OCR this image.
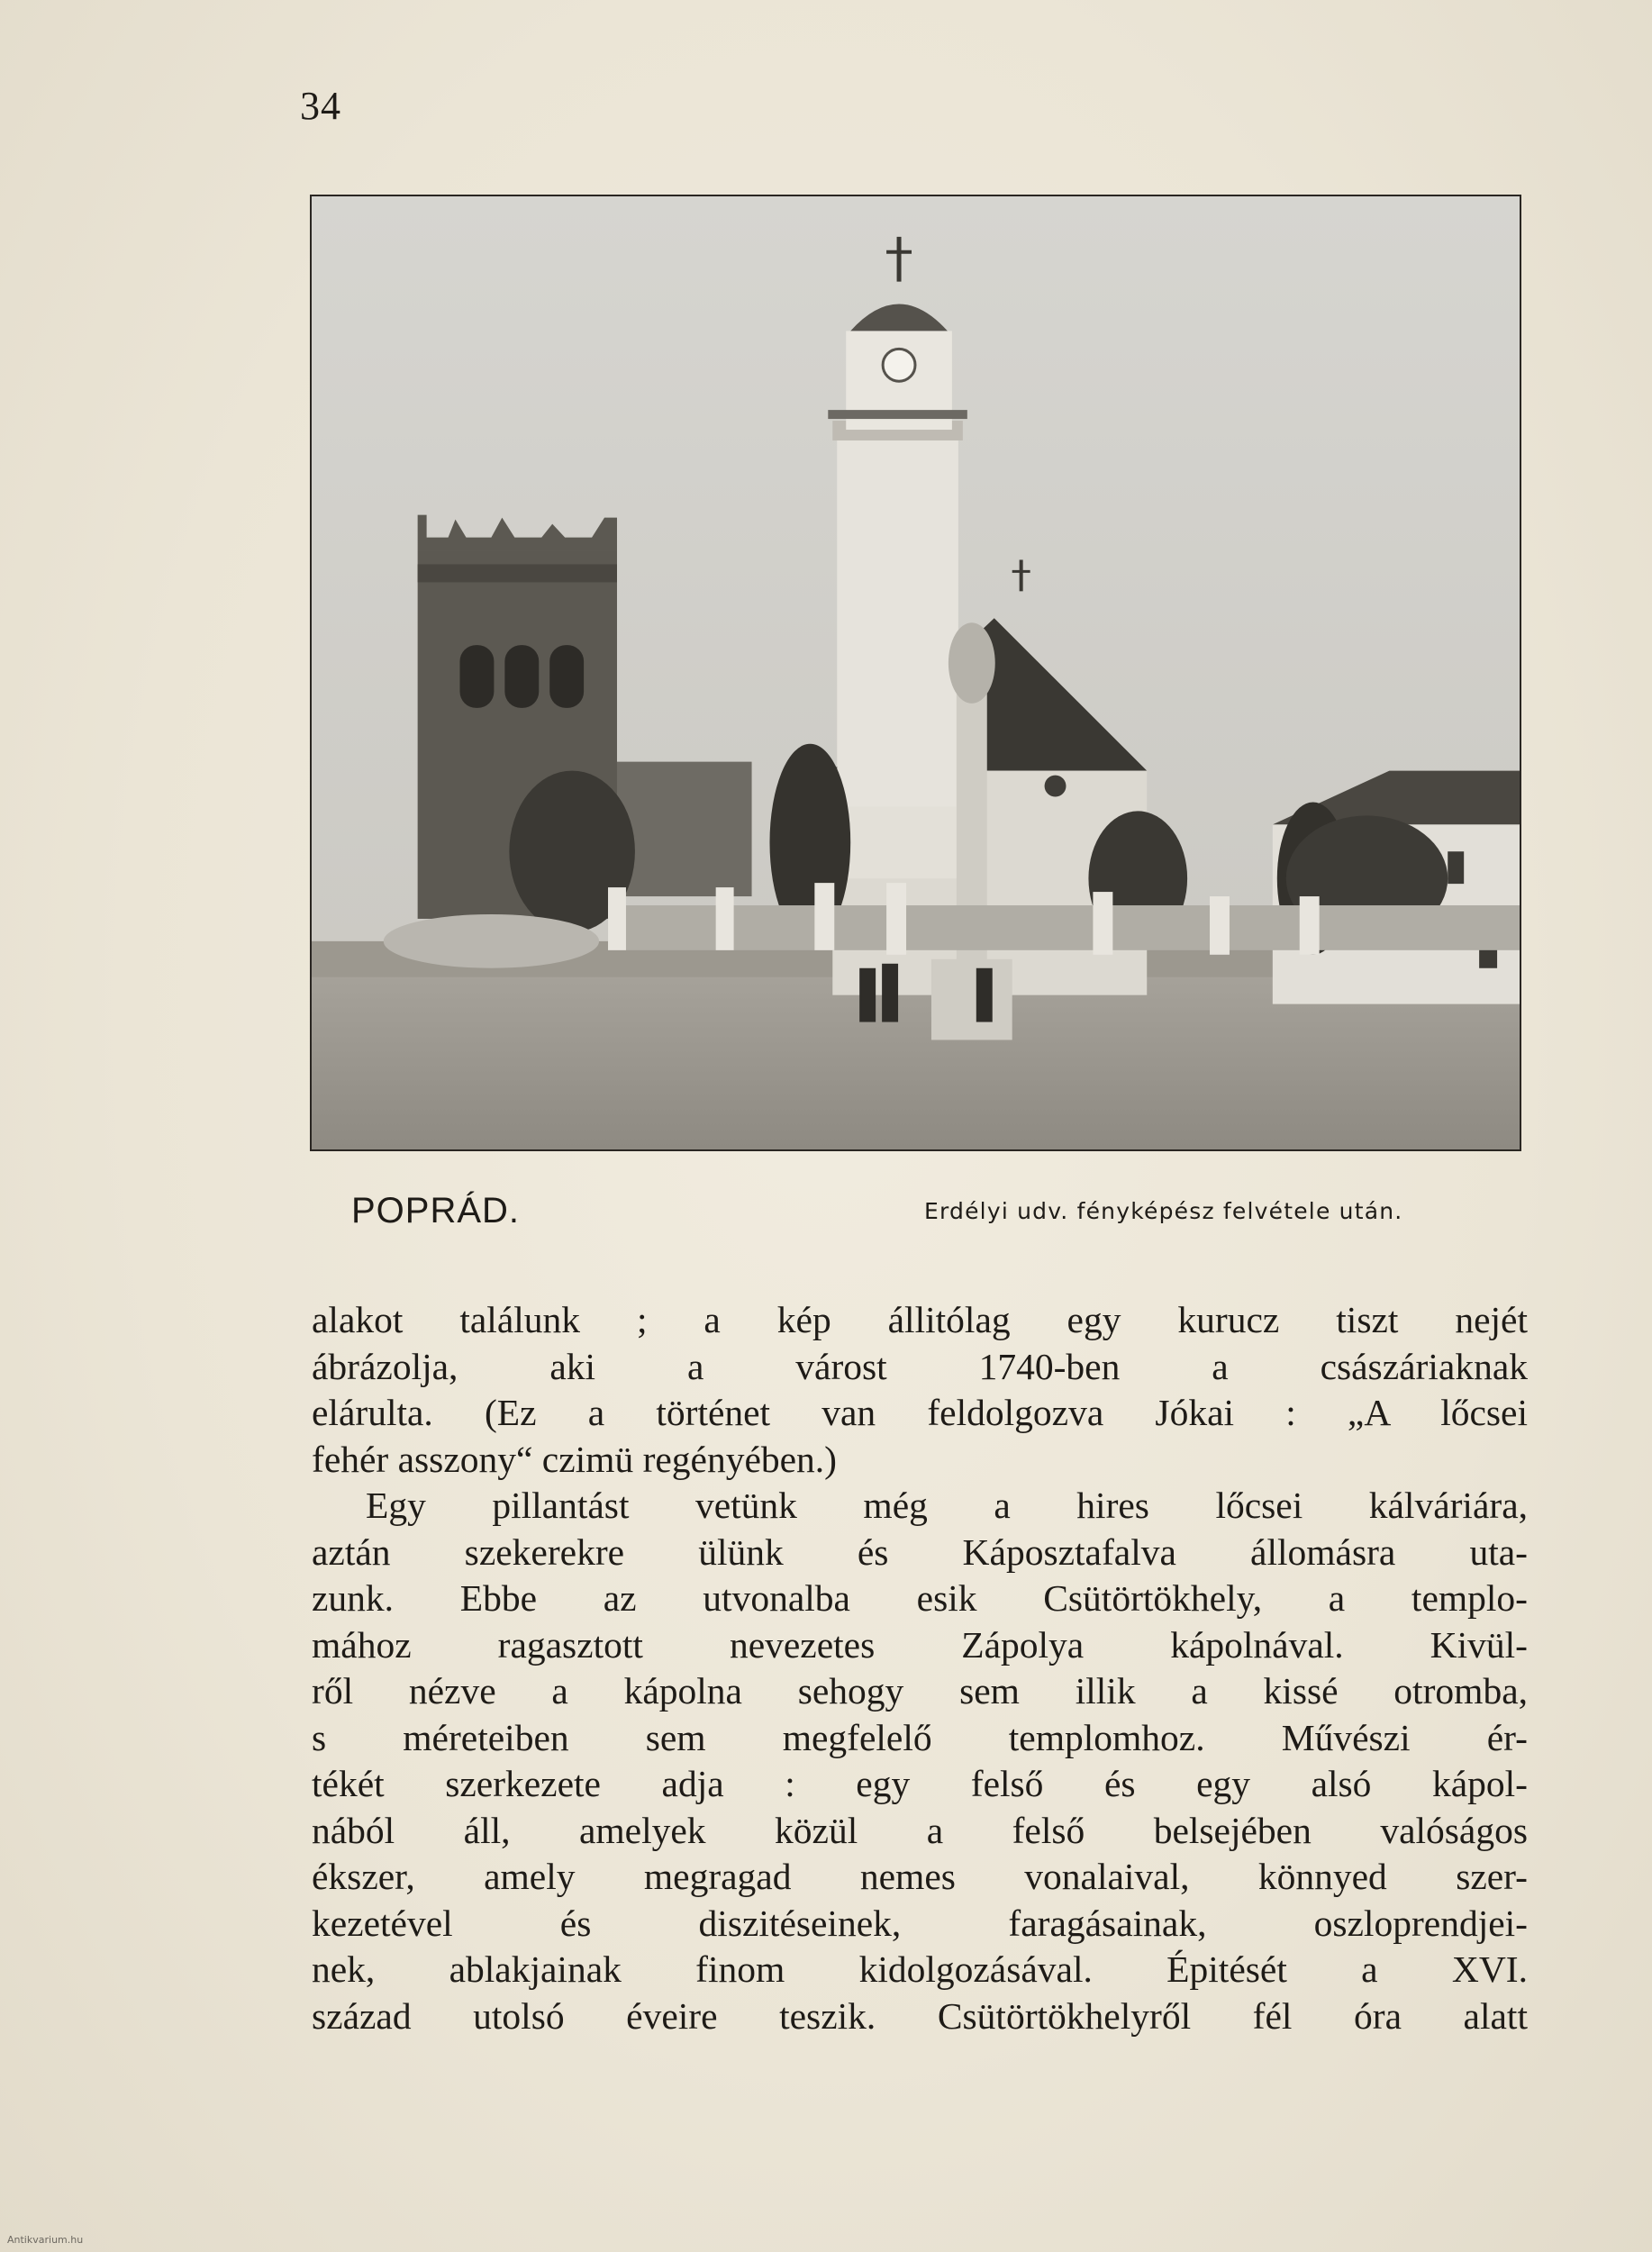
34
POPRÁD.	Erdélyi udv. fényképész felvétele után.
alakot találunk ; a kép állitólag egy kurucz tiszt nejét
ábrázolja, aki a várost 1740-ben a császáriaknak
elárulta. (Ez a történet van feldolgozva Jókai : „A lőcsei
fehér asszony“ czimü regényében.)
Egy pillantást vetünk még a hires lőcsei kálváriára,
aztán szekerekre ülünk és Káposztafalva állomásra uta-
zunk. Ebbe az utvonalba esik Csütörtökhely, a templo-
mához ragasztott nevezetes Zápolya kápolnával. Kivül-
ről nézve a kápolna sehogy sem illik a kissé otromba,
s méreteiben sem megfelelő templomhoz. Művészi ér-
tékét szerkezete adja : egy felső és egy alsó kápol-
nából áll, amelyek közül a felső belsejében valóságos
ékszer, amely megragad nemes vonalaival, könnyed szer-
kezetével és diszitéseinek, faragásainak, oszloprendjei-
nek, ablakjainak finom kidolgozásával. Épitését a XVI.
század utolsó éveire teszik. Csütörtökhelyről fél óra alatt
Antikvarium.hu
